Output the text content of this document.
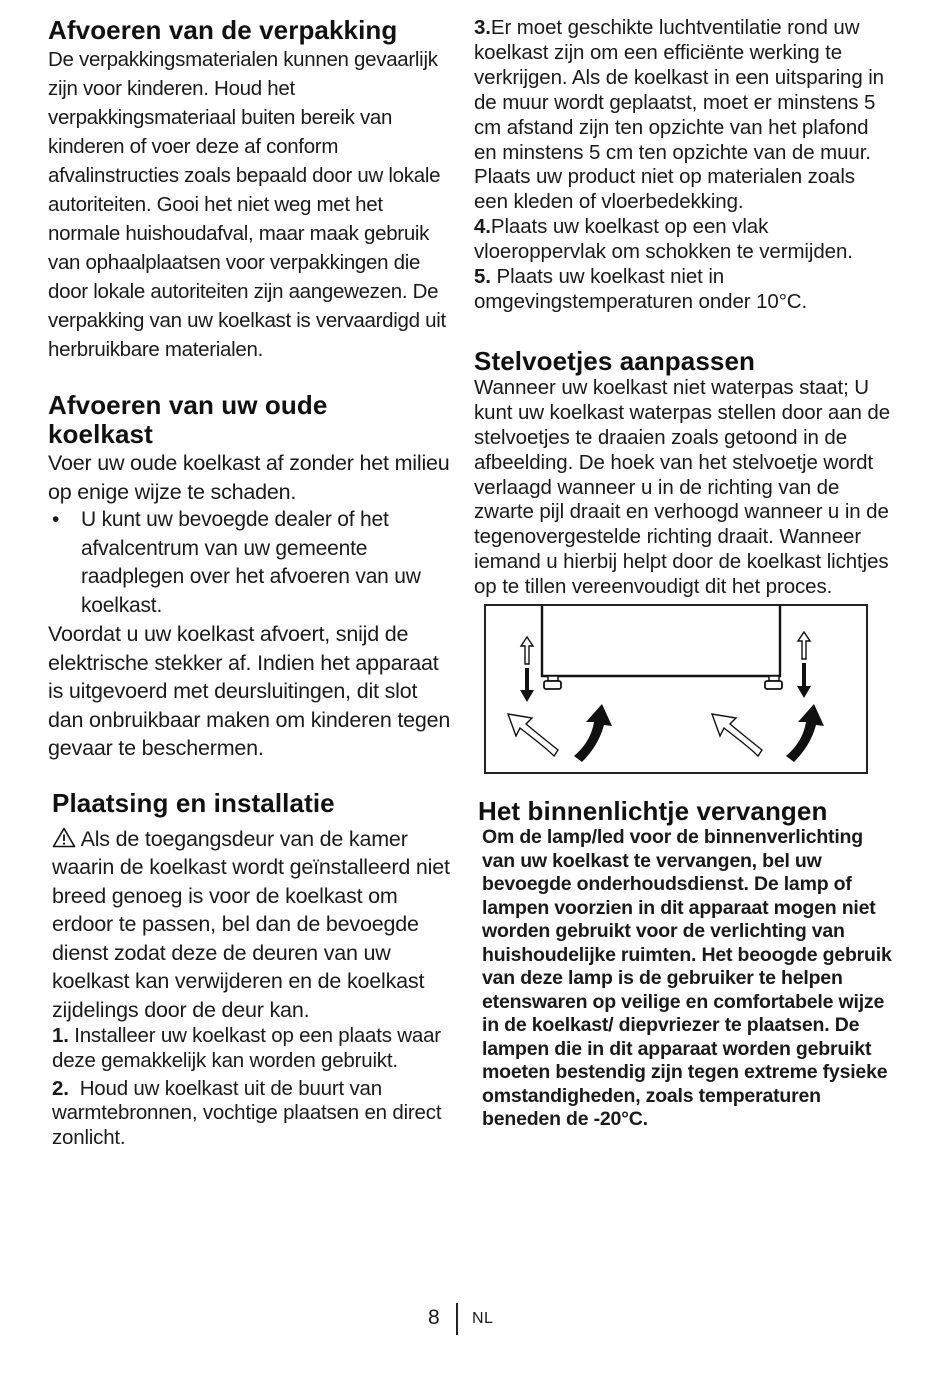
Afvoeren van de verpakking

De verpakkingsmaterialen kunnen gevaarlijk zijn voor kinderen. Houd het verpakkingsmateriaal buiten bereik van kinderen of voer deze af conform afvalinstructies zoals bepaald door uw lokale autoriteiten. Gooi het niet weg met het normale huishoudafval, maar maak gebruik van ophaalplaatsen voor verpakkingen die door lokale autoriteiten zijn aangewezen. De verpakking van uw koelkast is vervaardigd uit herbruikbare materialen.

Afvoeren van uw oude
koelkast

Voer uw oude koelkast af zonder het milieu op enige wijze te schaden.

•	U kunt uw bevoegde dealer of het afvalcentrum van uw gemeente raadplegen over het afvoeren van uw koelkast.

Voordat u uw koelkast afvoert, snijd de elektrische stekker af. Indien het apparaat is uitgevoerd met deursluitingen, dit slot dan onbruikbaar maken om kinderen tegen gevaar te beschermen.

Plaatsing en installatie

Als de toegangsdeur van de kamer waarin de koelkast wordt geïnstalleerd niet breed genoeg is voor de koelkast om erdoor te passen, bel dan de bevoegde dienst zodat deze de deuren van uw koelkast kan verwijderen en de koelkast zijdelings door de deur kan.

1. Installeer uw koelkast op een plaats waar deze gemakkelijk kan worden gebruikt.

2. Houd uw koelkast uit de buurt van warmtebronnen, vochtige plaatsen en direct zonlicht.

3.Er moet geschikte luchtventilatie rond uw koelkast zijn om een efficiënte werking te verkrijgen. Als de koelkast in een uitsparing in de muur wordt geplaatst, moet er minstens 5 cm afstand zijn ten opzichte van het plafond en minstens 5 cm ten opzichte van de muur. Plaats uw product niet op materialen zoals een kleden of vloerbedekking.

4.Plaats uw koelkast op een vlak vloeroppervlak om schokken te vermijden.

5. Plaats uw koelkast niet in omgevingstemperaturen onder 10°C.

Stelvoetjes aanpassen

Wanneer uw koelkast niet waterpas staat; U kunt uw koelkast waterpas stellen door aan de stelvoetjes te draaien zoals getoond in de afbeelding. De hoek van het stelvoetje wordt verlaagd wanneer u in de richting van de zwarte pijl draait en verhoogd wanneer u in de tegenovergestelde richting draait. Wanneer iemand u hierbij helpt door de koelkast lichtjes op te tillen vereenvoudigt dit het proces.

Het binnenlichtje vervangen

Om de lamp/led voor de binnenverlichting van uw koelkast te vervangen, bel uw bevoegde onderhoudsdienst. De lamp of lampen voorzien in dit apparaat mogen niet worden gebruikt voor de verlichting van huishoudelijke ruimten. Het beoogde gebruik van deze lamp is de gebruiker te helpen etenswaren op veilige en comfortabele wijze in de koelkast/ diepvriezer te plaatsen. De lampen die in dit apparaat worden gebruikt moeten bestendig zijn tegen extreme fysieke omstandigheden, zoals temperaturen beneden de -20°C.

8 NL
